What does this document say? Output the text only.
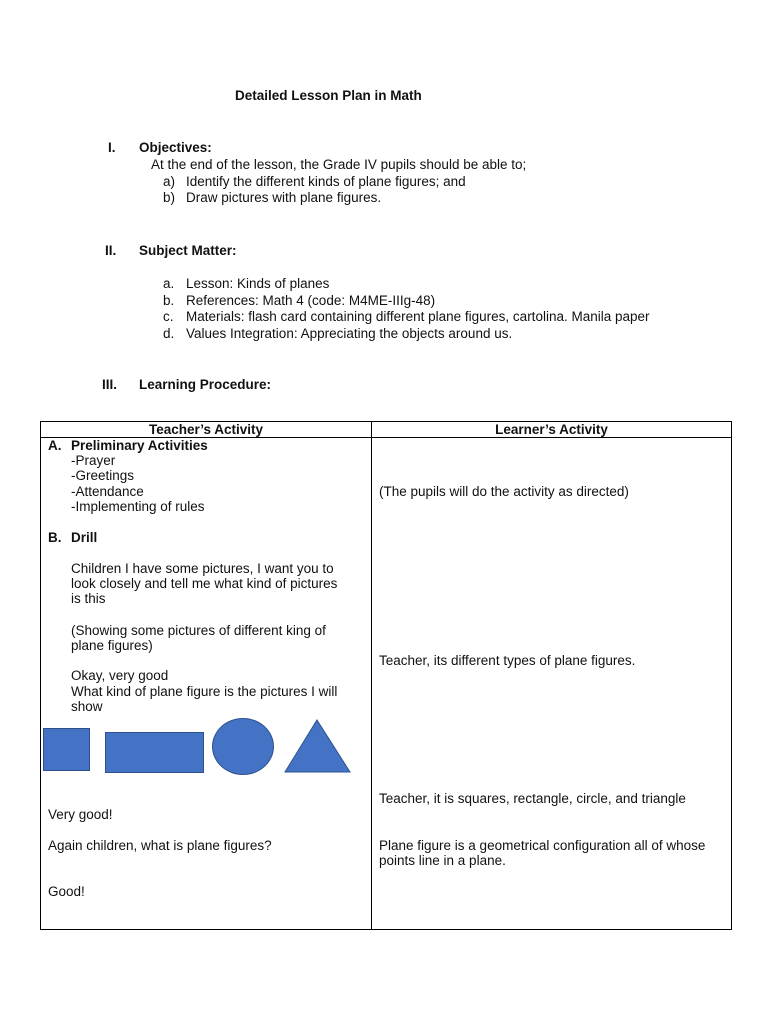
Detailed Lesson Plan in Math
I. Objectives:
At the end of the lesson, the Grade IV pupils should be able to;
a) Identify the different kinds of plane figures; and
b) Draw pictures with plane figures.
II. Subject Matter:
a. Lesson: Kinds of planes
b. References: Math 4 (code: M4ME-IIIg-48)
c. Materials: flash card containing different plane figures, cartolina. Manila paper
d. Values Integration: Appreciating the objects around us.
III. Learning Procedure:
Teacher’s Activity	Learner’s Activity
A. Preliminary Activities
-Prayer
-Greetings
-Attendance
-Implementing of rules
B. Drill
Children I have some pictures, I want you to
look closely and tell me what kind of pictures
is this
(Showing some pictures of different king of
plane figures)
Okay, very good
What kind of plane figure is the pictures I will
show
Very good!
Again children, what is plane figures?
Good!
(The pupils will do the activity as directed)
Teacher, its different types of plane figures.
Teacher, it is squares, rectangle, circle, and triangle
Plane figure is a geometrical configuration all of whose
points line in a plane.
